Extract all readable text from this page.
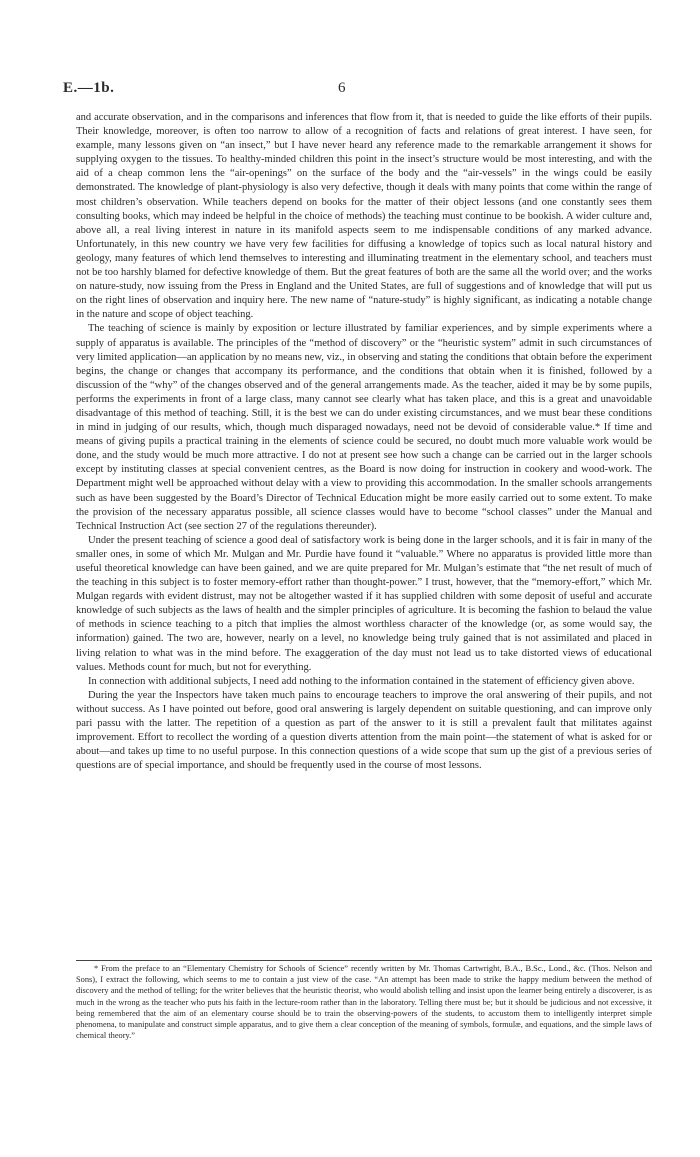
E.—1b.	6

and accurate observation, and in the comparisons and inferences that flow from it, that is needed to guide the like efforts of their pupils. Their knowledge, moreover, is often too narrow to allow of a recognition of facts and relations of great interest. I have seen, for example, many lessons given on “an insect,” but I have never heard any reference made to the remarkable arrangement it shows for supplying oxygen to the tissues. To healthy-minded children this point in the insect’s structure would be most interesting, and with the aid of a cheap common lens the “air-openings” on the surface of the body and the “air-vessels” in the wings could be easily demonstrated. The knowledge of plant-physiology is also very defective, though it deals with many points that come within the range of most children’s observation. While teachers depend on books for the matter of their object lessons (and one constantly sees them consulting books, which may indeed be helpful in the choice of methods) the teaching must continue to be bookish. A wider culture and, above all, a real living interest in nature in its manifold aspects seem to me indispensable conditions of any marked advance. Unfortunately, in this new country we have very few facilities for diffusing a knowledge of topics such as local natural history and geology, many features of which lend themselves to interesting and illuminating treatment in the elementary school, and teachers must not be too harshly blamed for defective knowledge of them. But the great features of both are the same all the world over; and the works on nature-study, now issuing from the Press in England and the United States, are full of suggestions and of knowledge that will put us on the right lines of observation and inquiry here. The new name of “nature-study” is highly significant, as indicating a notable change in the nature and scope of object teaching.

The teaching of science is mainly by exposition or lecture illustrated by familiar experiences, and by simple experiments where a supply of apparatus is available. The principles of the “method of discovery” or the “heuristic system” admit in such circumstances of very limited application—an application by no means new, viz., in observing and stating the conditions that obtain before the experiment begins, the change or changes that accompany its performance, and the conditions that obtain when it is finished, followed by a discussion of the “why” of the changes observed and of the general arrangements made. As the teacher, aided it may be by some pupils, performs the experiments in front of a large class, many cannot see clearly what has taken place, and this is a great and unavoidable disadvantage of this method of teaching. Still, it is the best we can do under existing circumstances, and we must bear these conditions in mind in judging of our results, which, though much disparaged nowadays, need not be devoid of considerable value.* If time and means of giving pupils a practical training in the elements of science could be secured, no doubt much more valuable work would be done, and the study would be much more attractive. I do not at present see how such a change can be carried out in the larger schools except by instituting classes at special convenient centres, as the Board is now doing for instruction in cookery and wood-work. The Department might well be approached without delay with a view to providing this accommodation. In the smaller schools arrangements such as have been suggested by the Board’s Director of Technical Education might be more easily carried out to some extent. To make the provision of the necessary apparatus possible, all science classes would have to become “school classes” under the Manual and Technical Instruction Act (see section 27 of the regulations thereunder).

Under the present teaching of science a good deal of satisfactory work is being done in the larger schools, and it is fair in many of the smaller ones, in some of which Mr. Mulgan and Mr. Purdie have found it “valuable.” Where no apparatus is provided little more than useful theoretical knowledge can have been gained, and we are quite prepared for Mr. Mulgan’s estimate that “the net result of much of the teaching in this subject is to foster memory-effort rather than thought-power.” I trust, however, that the “memory-effort,” which Mr. Mulgan regards with evident distrust, may not be altogether wasted if it has supplied children with some deposit of useful and accurate knowledge of such subjects as the laws of health and the simpler principles of agriculture. It is becoming the fashion to belaud the value of methods in science teaching to a pitch that implies the almost worthless character of the knowledge (or, as some would say, the information) gained. The two are, however, nearly on a level, no knowledge being truly gained that is not assimilated and placed in living relation to what was in the mind before. The exaggeration of the day must not lead us to take distorted views of educational values. Methods count for much, but not for everything.

In connection with additional subjects, I need add nothing to the information contained in the statement of efficiency given above.

During the year the Inspectors have taken much pains to encourage teachers to improve the oral answering of their pupils, and not without success. As I have pointed out before, good oral answering is largely dependent on suitable questioning, and can improve only pari passu with the latter. The repetition of a question as part of the answer to it is still a prevalent fault that militates against improvement. Effort to recollect the wording of a question diverts attention from the main point—the statement of what is asked for or about—and takes up time to no useful purpose. In this connection questions of a wide scope that sum up the gist of a previous series of questions are of special importance, and should be frequently used in the course of most lessons.

* From the preface to an “Elementary Chemistry for Schools of Science” recently written by Mr. Thomas Cartwright, B.A., B.Sc., Lond., &c. (Thos. Nelson and Sons), I extract the following, which seems to me to contain a just view of the case. “An attempt has been made to strike the happy medium between the method of discovery and the method of telling; for the writer believes that the heuristic theorist, who would abolish telling and insist upon the learner being entirely a discoverer, is as much in the wrong as the teacher who puts his faith in the lecture-room rather than in the laboratory. Telling there must be; but it should be judicious and not excessive, it being remembered that the aim of an elementary course should be to train the observing-powers of the students, to accustom them to intelligently interpret simple phenomena, to manipulate and construct simple apparatus, and to give them a clear conception of the meaning of symbols, formulæ, and equations, and the simple laws of chemical theory.”
